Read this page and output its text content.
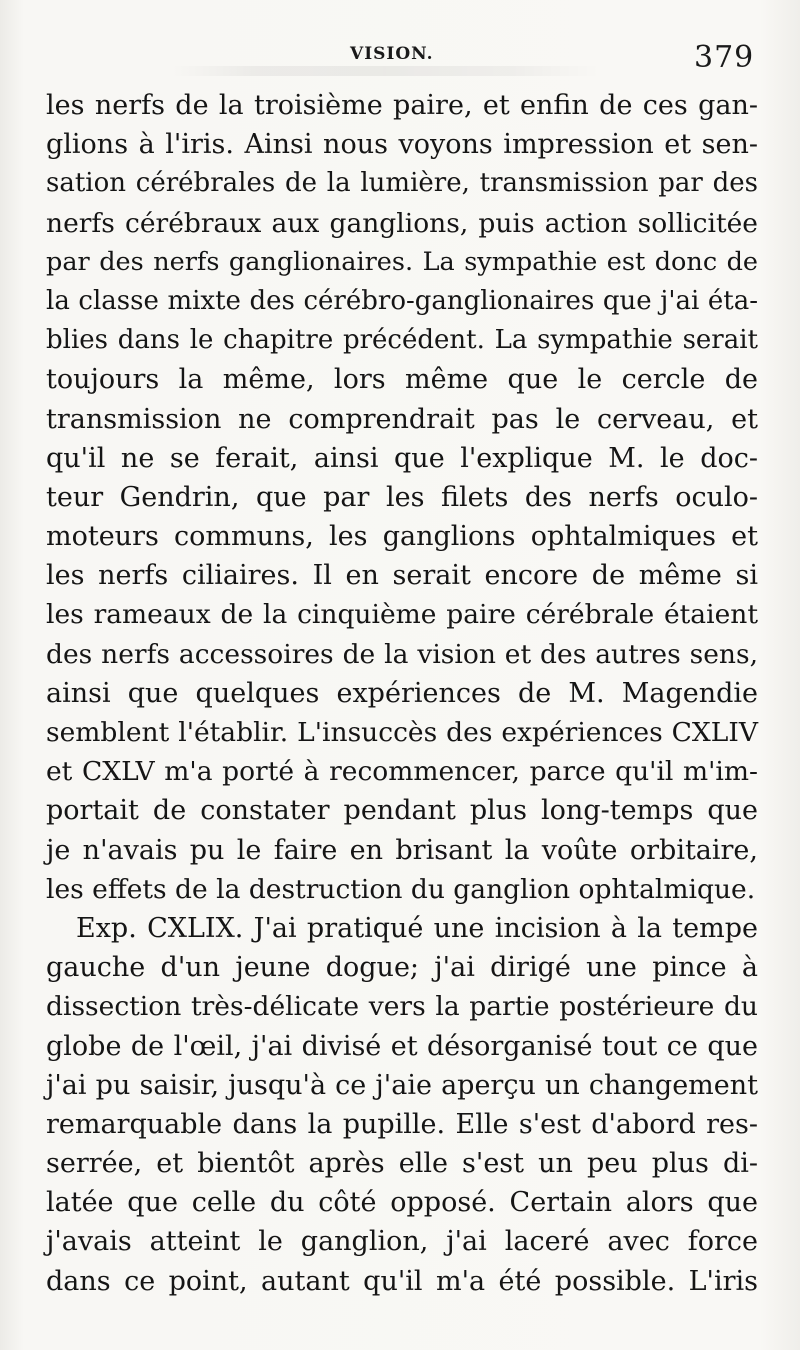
VISION.	379
les nerfs de la troisième paire, et enfin de ces gan-
glions à l'iris. Ainsi nous voyons impression et sen-
sation cérébrales de la lumière, transmission par des
nerfs cérébraux aux ganglions, puis action sollicitée
par des nerfs ganglionaires. La sympathie est donc de
la classe mixte des cérébro-ganglionaires que j'ai éta-
blies dans le chapitre précédent. La sympathie serait
toujours la même, lors même que le cercle de
transmission ne comprendrait pas le cerveau, et
qu'il ne se ferait, ainsi que l'explique M. le doc-
teur Gendrin, que par les filets des nerfs oculo-
moteurs communs, les ganglions ophtalmiques et
les nerfs ciliaires. Il en serait encore de même si
les rameaux de la cinquième paire cérébrale étaient
des nerfs accessoires de la vision et des autres sens,
ainsi que quelques expériences de M. Magendie
semblent l'établir. L'insuccès des expériences CXLIV
et CXLV m'a porté à recommencer, parce qu'il m'im-
portait de constater pendant plus long-temps que
je n'avais pu le faire en brisant la voûte orbitaire,
les effets de la destruction du ganglion ophtalmique.
Exp. CXLIX. J'ai pratiqué une incision à la tempe
gauche d'un jeune dogue; j'ai dirigé une pince à
dissection très-délicate vers la partie postérieure du
globe de l'œil, j'ai divisé et désorganisé tout ce que
j'ai pu saisir, jusqu'à ce j'aie aperçu un changement
remarquable dans la pupille. Elle s'est d'abord res-
serrée, et bientôt après elle s'est un peu plus di-
latée que celle du côté opposé. Certain alors que
j'avais atteint le ganglion, j'ai laceré avec force
dans ce point, autant qu'il m'a été possible. L'iris
